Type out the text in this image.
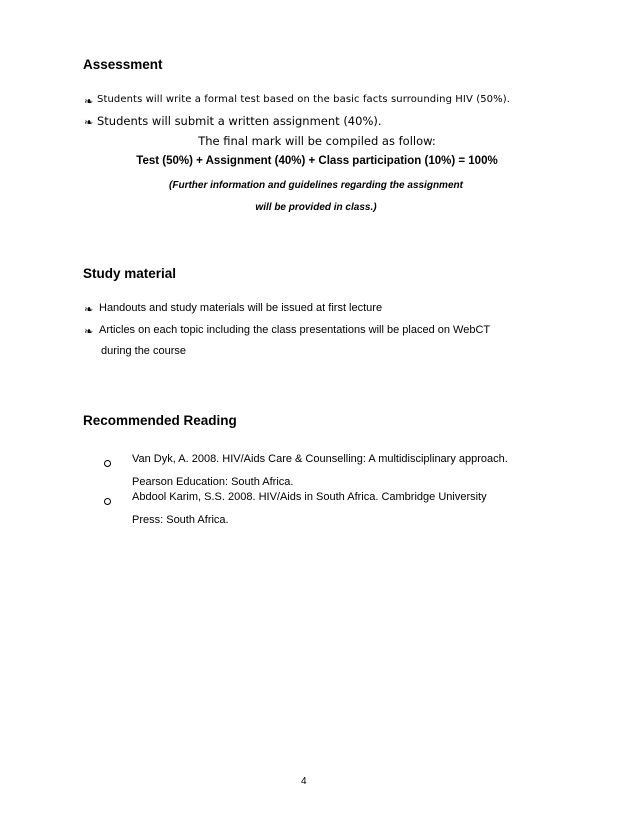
Assessment
❧ Students will write a formal test based on the basic facts surrounding HIV (50%).
❧ Students will submit a written assignment (40%).
The final mark will be compiled as follow:
Test (50%) + Assignment (40%) + Class participation (10%) = 100%
(Further information and guidelines regarding the assignment
will be provided in class.)
Study material
❧ Handouts and study materials will be issued at first lecture
❧ Articles on each topic including the class presentations will be placed on WebCT
during the course
Recommended Reading
Van Dyk, A. 2008. HIV/Aids Care & Counselling: A multidisciplinary approach.
Pearson Education: South Africa.
Abdool Karim, S.S. 2008. HIV/Aids in South Africa. Cambridge University
Press: South Africa.
4
